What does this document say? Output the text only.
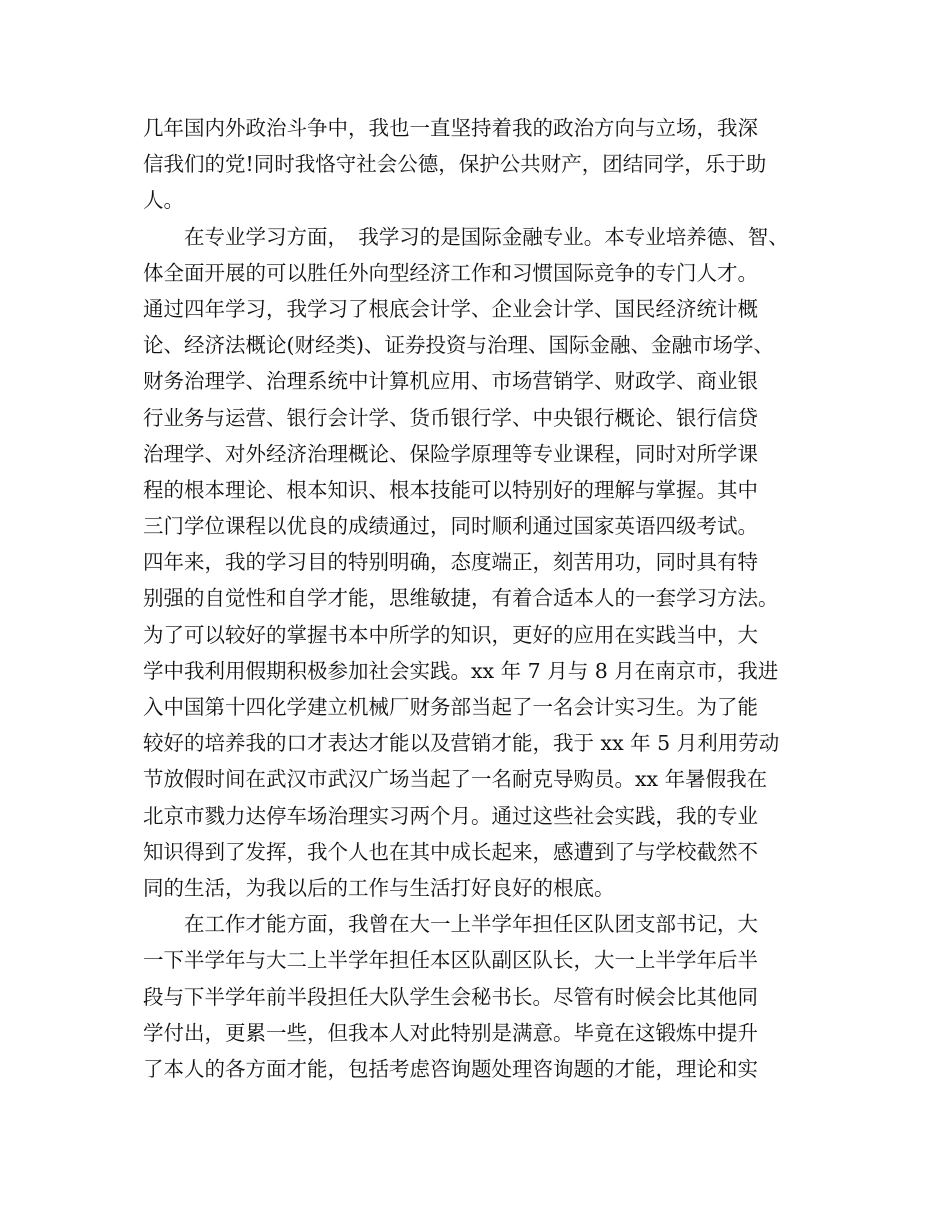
几年国内外政治斗争中，我也一直坚持着我的政治方向与立场，我深
信我们的党!同时我恪守社会公德，保护公共财产，团结同学，乐于助
人。
　　在专业学习方面，　我学习的是国际金融专业。本专业培养德、智、
体全面开展的可以胜任外向型经济工作和习惯国际竞争的专门人才。
通过四年学习，我学习了根底会计学、企业会计学、国民经济统计概
论、经济法概论(财经类)、证券投资与治理、国际金融、金融市场学、
财务治理学、治理系统中计算机应用、市场营销学、财政学、商业银
行业务与运营、银行会计学、货币银行学、中央银行概论、银行信贷
治理学、对外经济治理概论、保险学原理等专业课程，同时对所学课
程的根本理论、根本知识、根本技能可以特别好的理解与掌握。其中
三门学位课程以优良的成绩通过，同时顺利通过国家英语四级考试。
四年来，我的学习目的特别明确，态度端正，刻苦用功，同时具有特
别强的自觉性和自学才能，思维敏捷，有着合适本人的一套学习方法。
为了可以较好的掌握书本中所学的知识，更好的应用在实践当中，大
学中我利用假期积极参加社会实践。xx 年 7 月与 8 月在南京市，我进
入中国第十四化学建立机械厂财务部当起了一名会计实习生。为了能
较好的培养我的口才表达才能以及营销才能，我于 xx 年 5 月利用劳动
节放假时间在武汉市武汉广场当起了一名耐克导购员。xx 年暑假我在
北京市戮力达停车场治理实习两个月。通过这些社会实践，我的专业
知识得到了发挥，我个人也在其中成长起来，感遭到了与学校截然不
同的生活，为我以后的工作与生活打好良好的根底。
　　在工作才能方面，我曾在大一上半学年担任区队团支部书记，大
一下半学年与大二上半学年担任本区队副区队长，大一上半学年后半
段与下半学年前半段担任大队学生会秘书长。尽管有时候会比其他同
学付出，更累一些，但我本人对此特别是满意。毕竟在这锻炼中提升
了本人的各方面才能，包括考虑咨询题处理咨询题的才能，理论和实
